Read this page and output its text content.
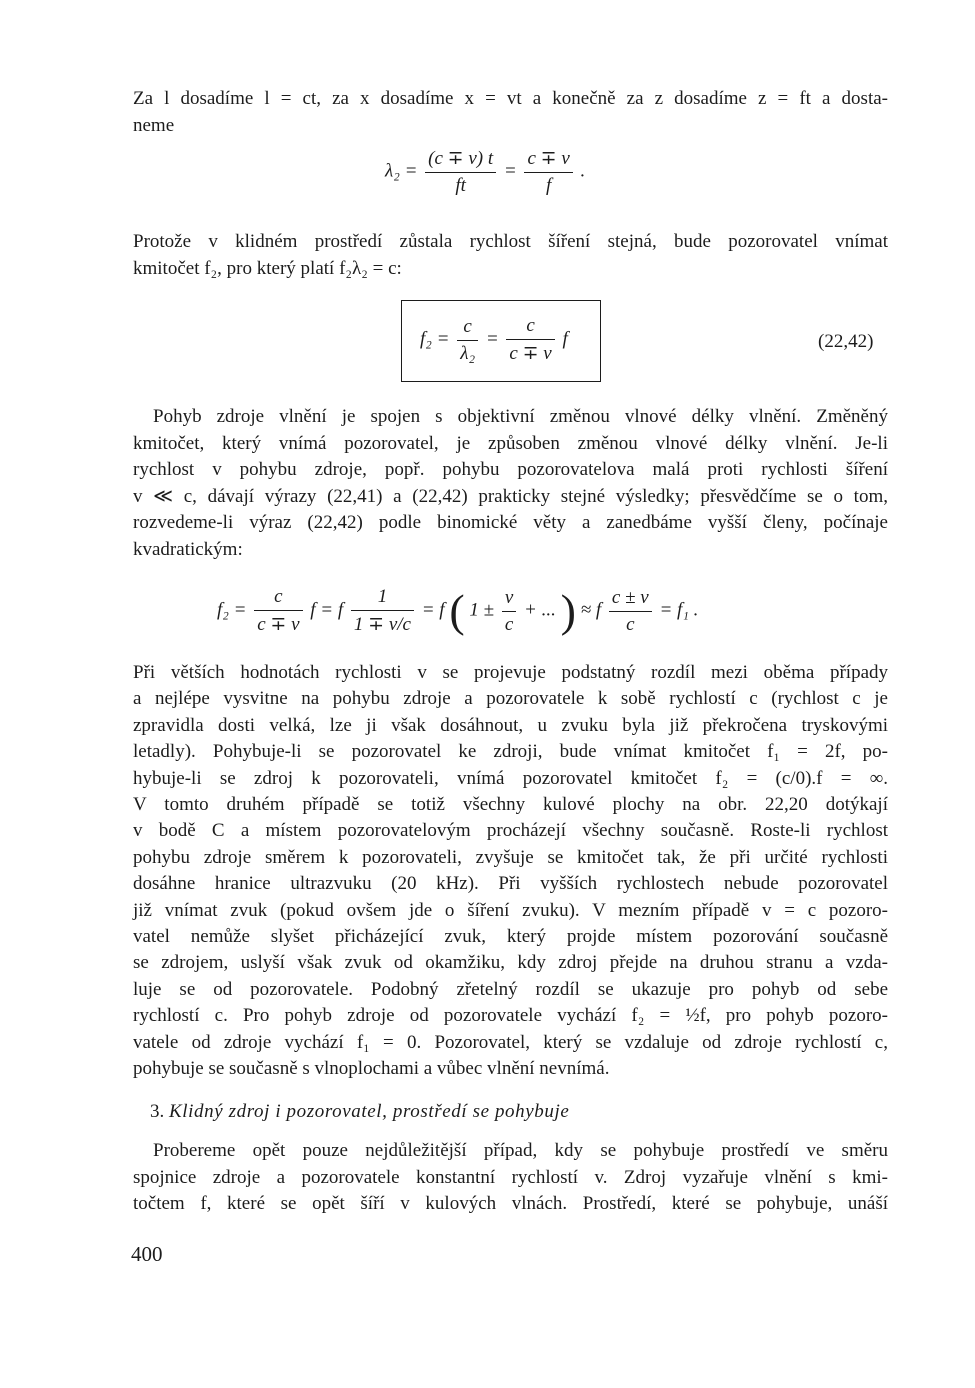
Za l dosadíme l = ct, za x dosadíme x = vt a konečně za z dosadíme z = ft a dosta-
neme
$\lambda_2 = \frac{(c \mp v) t}{ft} = \frac{c \mp v}{f}$ .
Protože v klidném prostředí zůstala rychlost šíření stejná, bude pozorovatel vnímat
kmitočet f₂, pro který platí f₂λ₂ = c:
$f_2 = \frac{c}{\text{λ₂}} = \frac{c}{c \mp v}$ f	(22,42)
Pohyb zdroje vlnění je spojen s objektivní změnou vlnové délky vlnění. Změněný
kmitočet, který vnímá pozorovatel, je způsoben změnou vlnové délky vlnění. Je-li
rychlost v pohybu zdroje, popř. pohybu pozorovatelova malá proti rychlosti šíření
v ≪ c, dávají výrazy (22,41) a (22,42) prakticky stejné výsledky; přesvědčíme se o tom,
rozvedeme-li výraz (22,42) podle binomické věty a zanedbáme vyšší členy, počínaje
kvadratickým:
$f_2 = \frac{c}{c \mp v}$ f = f $\frac{1}{1 \mp v/c} = f$ ( $1 \pm \frac{v}{c}$ + ... ) ≈ f $\frac{c \pm v}{c} = f_1$ .
Při větších hodnotách rychlosti v se projevuje podstatný rozdíl mezi oběma případy
a nejlépe vysvitne na pohybu zdroje a pozorovatele k sobě rychlostí c (rychlost c je
zpravidla dosti velká, lze ji však dosáhnout, u zvuku byla již překročena tryskovými
letadly). Pohybuje-li se pozorovatel ke zdroji, bude vnímat kmitočet f₁ = 2f, po-
hybuje-li se zdroj k pozorovateli, vnímá pozorovatel kmitočet f₂ = (c/0).f = ∞.
V tomto druhém případě se totiž všechny kulové plochy na obr. 22,20 dotýkají
v bodě C a místem pozorovatelovým procházejí všechny současně. Roste-li rychlost
pohybu zdroje směrem k pozorovateli, zvyšuje se kmitočet tak, že při určité rychlosti
dosáhne hranice ultrazvuku (20 kHz). Při vyšších rychlostech nebude pozorovatel
již vnímat zvuk (pokud ovšem jde o šíření zvuku). V mezním případě v = c pozoro-
vatel nemůže slyšet přicházející zvuk, který projde místem pozorování současně
se zdrojem, uslyší však zvuk od okamžiku, kdy zdroj přejde na druhou stranu a vzda-
luje se od pozorovatele. Podobný zřetelný rozdíl se ukazuje pro pohyb od sebe
rychlostí c. Pro pohyb zdroje od pozorovatele vychází f₂ = ½f, pro pohyb pozoro-
vatele od zdroje vychází f₁ = 0. Pozorovatel, který se vzdaluje od zdroje rychlostí c,
pohybuje se současně s vlnoplochami a vůbec vlnění nevnímá.
3. Klidný zdroj i pozorovatel, prostředí se pohybuje
Probereme opět pouze nejdůležitější případ, kdy se pohybuje prostředí ve směru
spojnice zdroje a pozorovatele konstantní rychlostí v. Zdroj vyzařuje vlnění s kmi-
točtem f, které se opět šíří v kulových vlnách. Prostředí, které se pohybuje, unáší
400
